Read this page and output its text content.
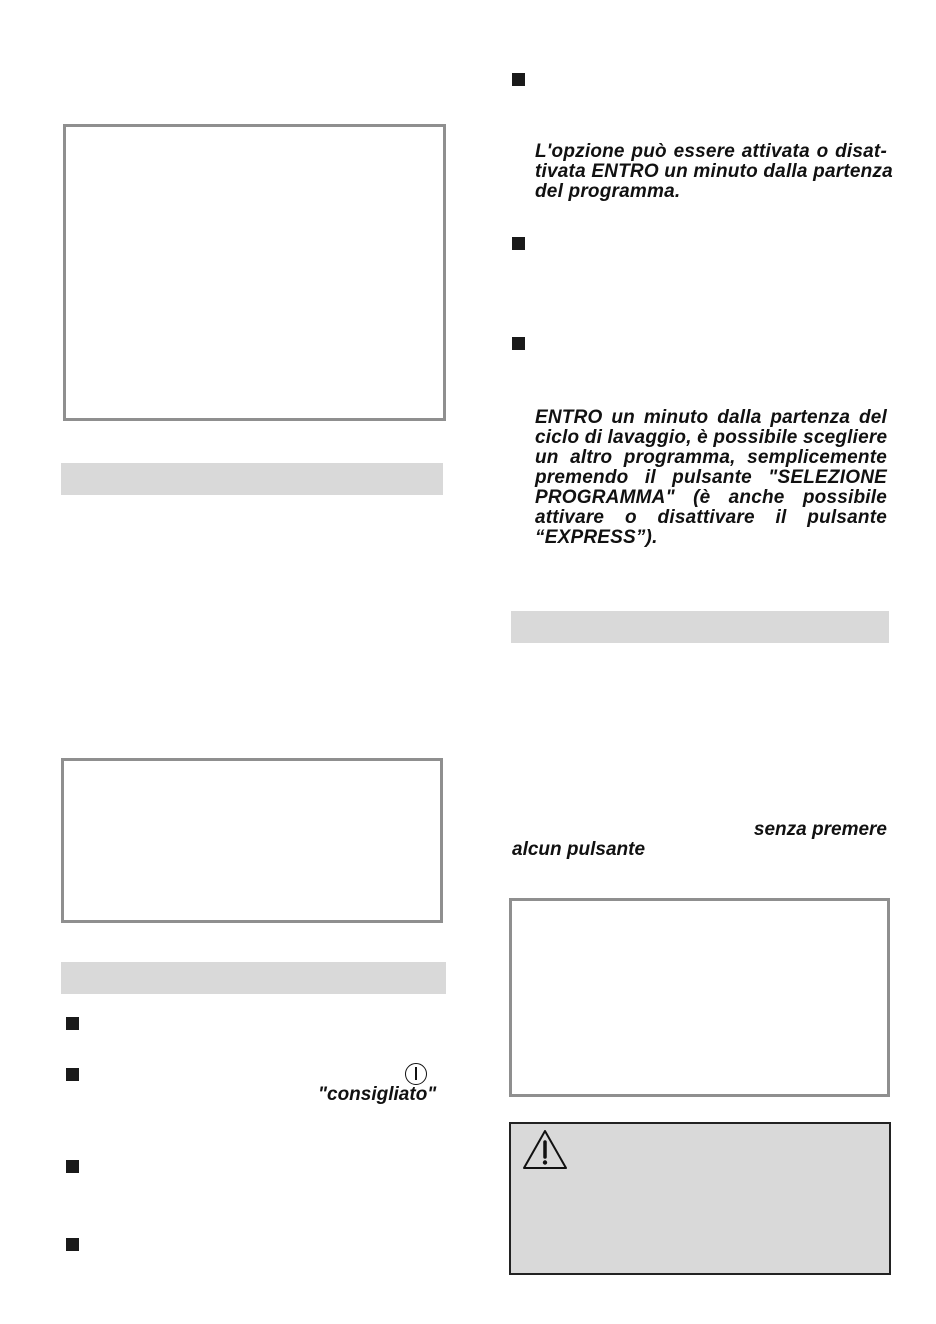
"consigliato"
L'opzione può essere attivata o disat-
tivata ENTRO un minuto dalla partenza
del programma.
ENTRO un minuto dalla partenza del
ciclo di lavaggio, è possibile scegliere
un altro programma, semplicemente
premendo il pulsante "SELEZIONE
PROGRAMMA" (è anche possibile
attivare o disattivare il pulsante
“EXPRESS”).
senza premere
alcun pulsante
